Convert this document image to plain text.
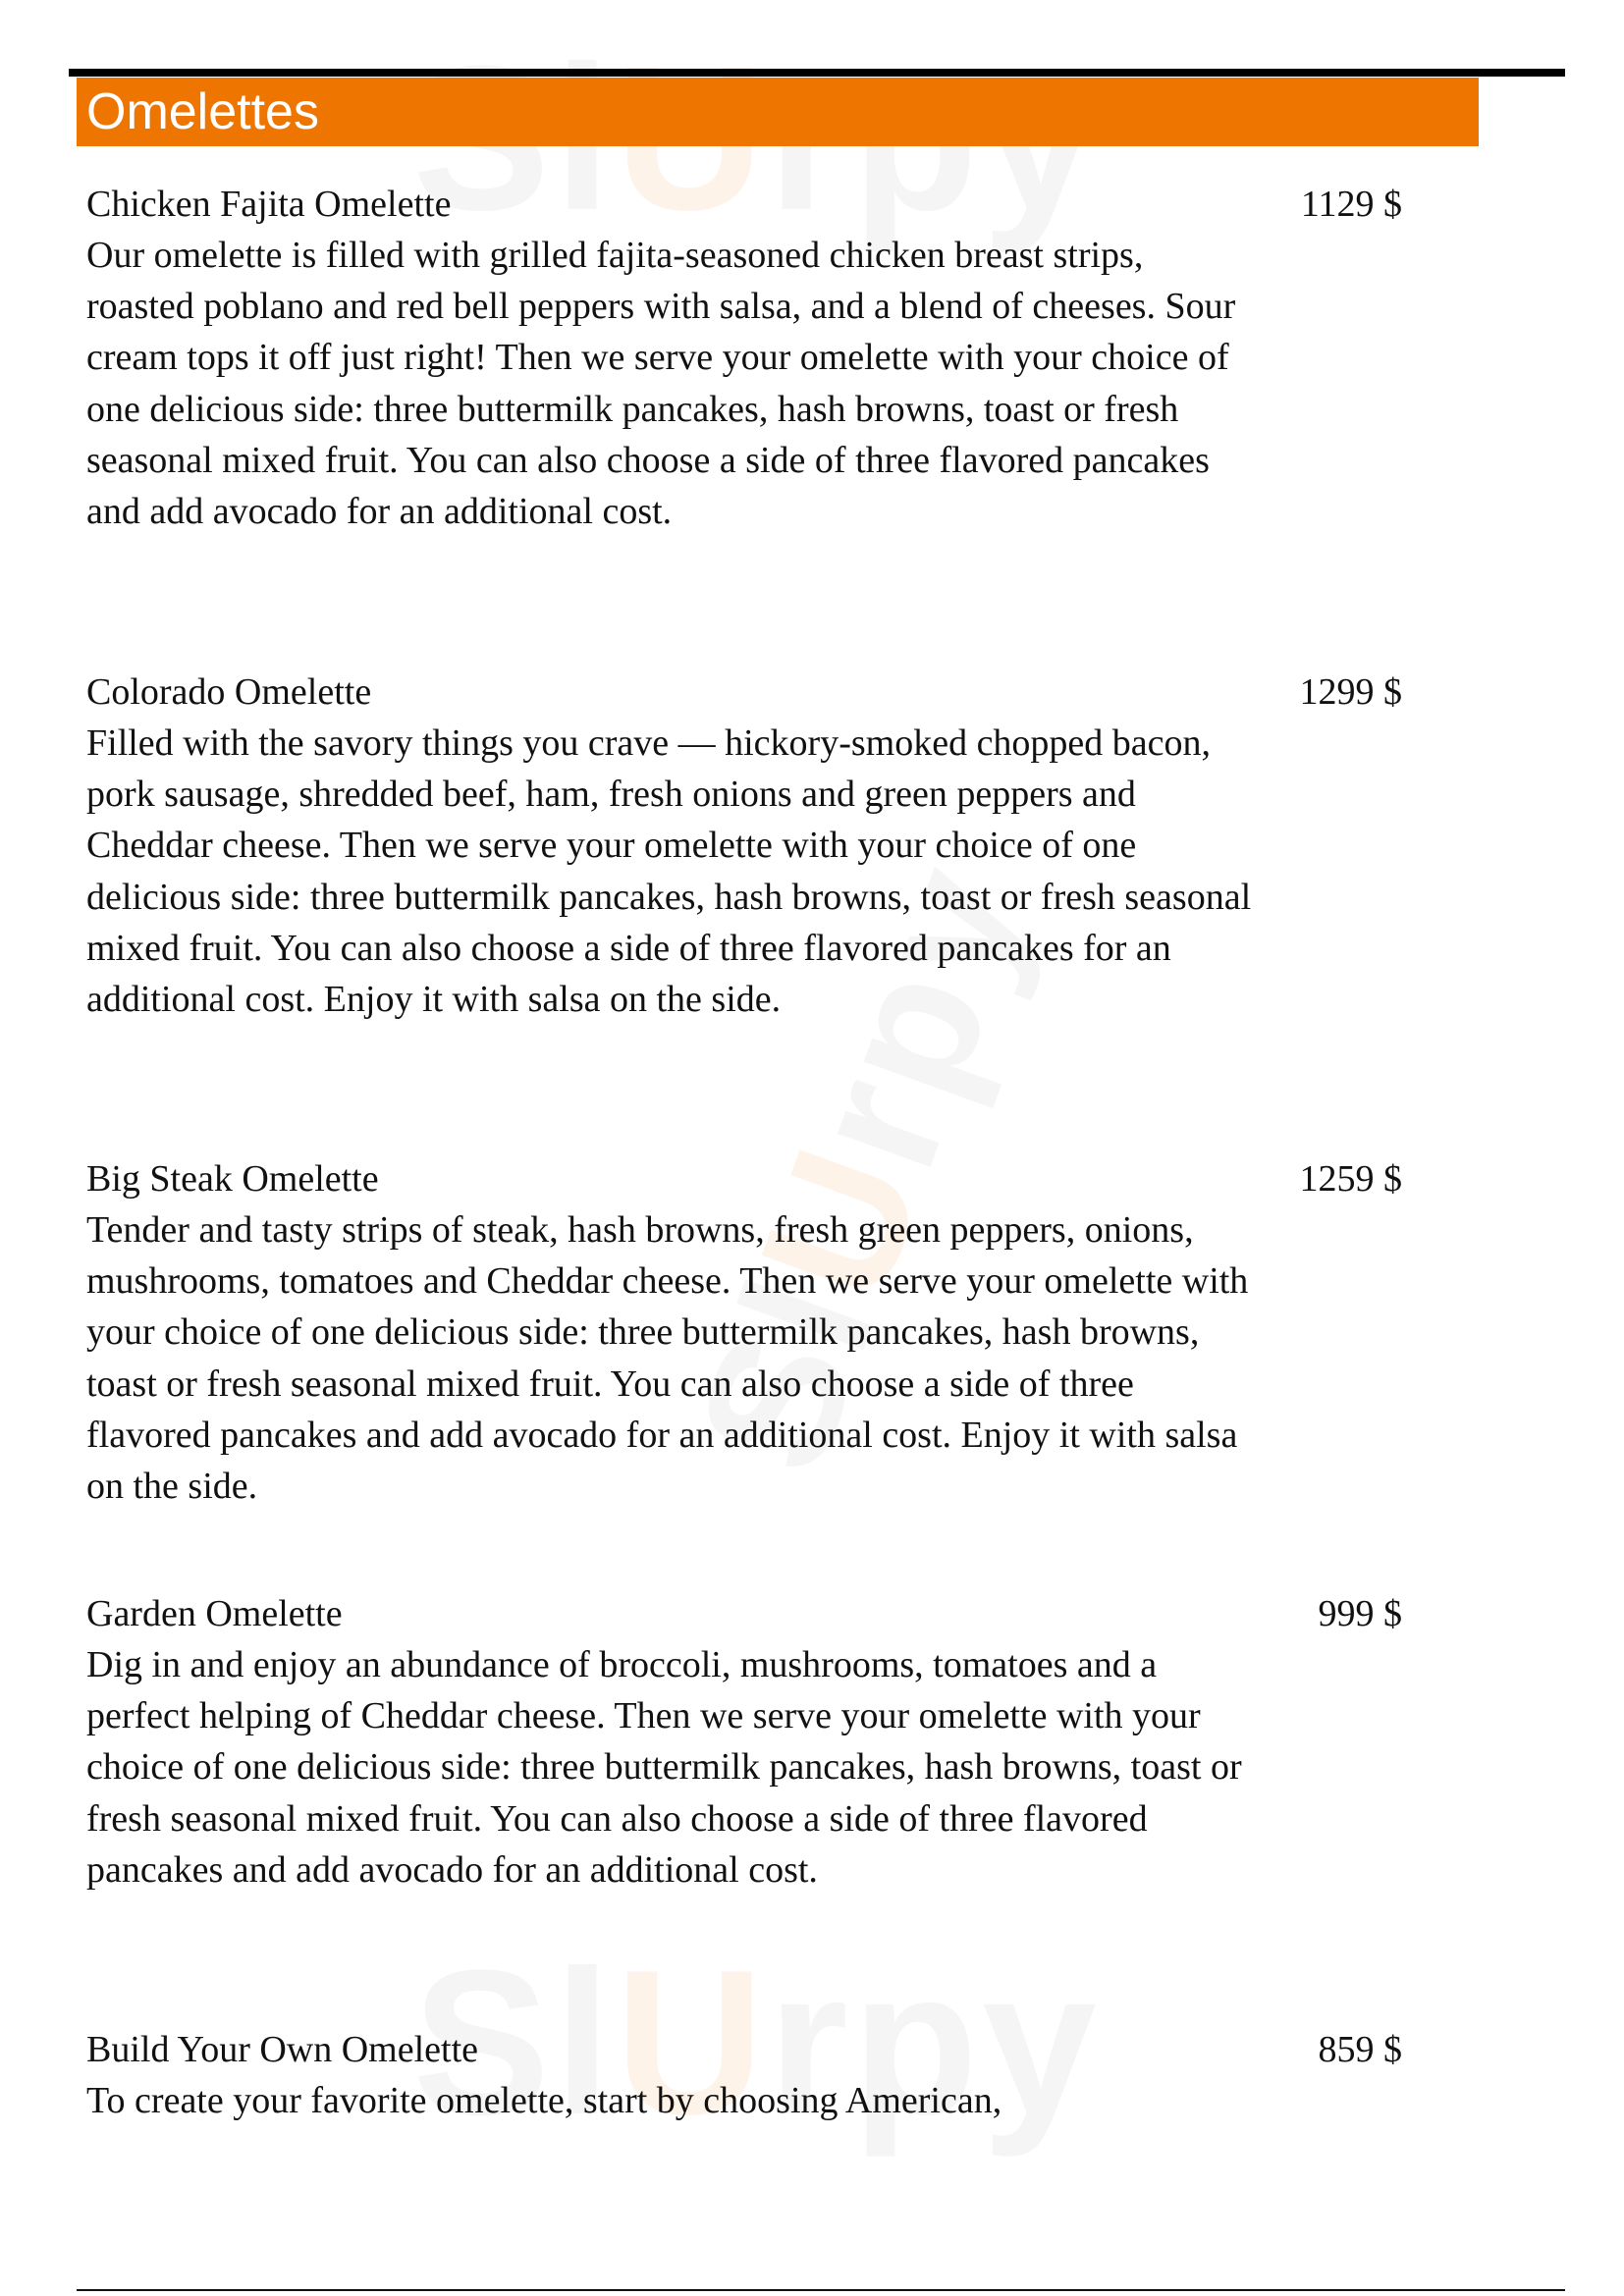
SlUrpy
SlUrpy
Omelettes
Chicken Fajita Omelette	1129 $

Our omelette is filled with grilled fajita-seasoned chicken breast strips, roasted poblano and red bell peppers with salsa, and a blend of cheeses. Sour cream tops it off just right! Then we serve your omelette with your choice of one delicious side: three buttermilk pancakes, hash browns, toast or fresh seasonal mixed fruit. You can also choose a side of three flavored pancakes and add avocado for an additional cost.

Colorado Omelette	1299 $

Filled with the savory things you crave — hickory-smoked chopped bacon, pork sausage, shredded beef, ham, fresh onions and green peppers and Cheddar cheese. Then we serve your omelette with your choice of one delicious side: three buttermilk pancakes, hash browns, toast or fresh seasonal mixed fruit. You can also choose a side of three flavored pancakes for an additional cost. Enjoy it with salsa on the side.

Big Steak Omelette	1259 $

Tender and tasty strips of steak, hash browns, fresh green peppers, onions, mushrooms, tomatoes and Cheddar cheese. Then we serve your omelette with your choice of one delicious side: three buttermilk pancakes, hash browns, toast or fresh seasonal mixed fruit. You can also choose a side of three flavored pancakes and add avocado for an additional cost. Enjoy it with salsa on the side.

Garden Omelette	999 $

Dig in and enjoy an abundance of broccoli, mushrooms, tomatoes and a perfect helping of Cheddar cheese. Then we serve your omelette with your choice of one delicious side: three buttermilk pancakes, hash browns, toast or fresh seasonal mixed fruit. You can also choose a side of three flavored pancakes and add avocado for an additional cost.

Build Your Own Omelette	859 $

To create your favorite omelette, start by choosing American,
